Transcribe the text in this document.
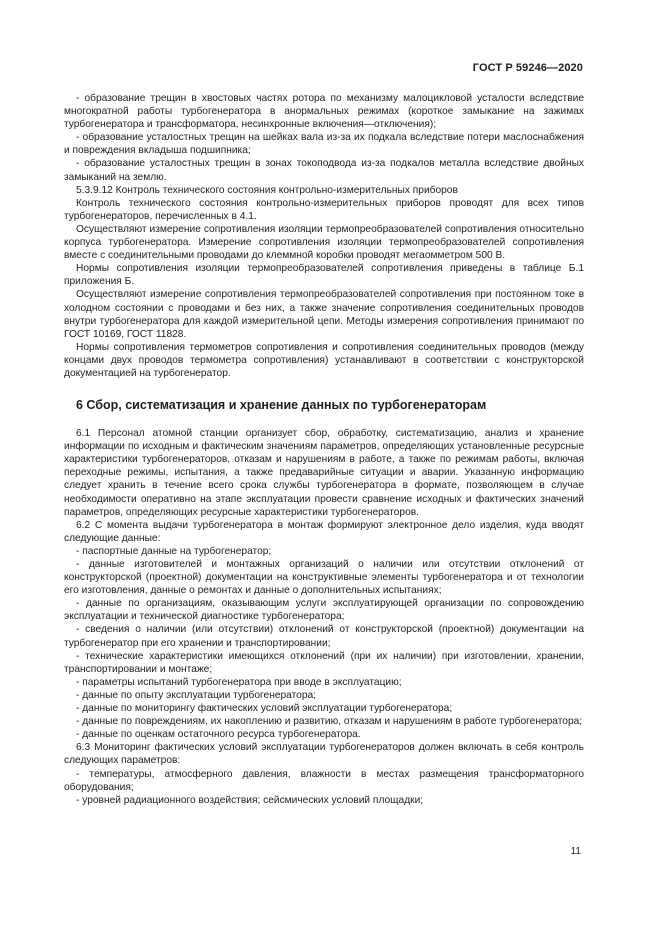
ГОСТ Р 59246—2020

- образование трещин в хвостовых частях ротора по механизму малоцикловой усталости вследствие многократной работы турбогенератора в анормальных режимах (короткое замыкание на зажимах турбогенератора и трансформатора, несинхронные включения—отключения);

- образование усталостных трещин на шейках вала из-за их подкала вследствие потери маслоснабжения и повреждения вкладыша подшипника;

- образование усталостных трещин в зонах токоподвода из-за подкалов металла вследствие двойных замыканий на землю.

5.3.9.12 Контроль технического состояния контрольно-измерительных приборов

Контроль технического состояния контрольно-измерительных приборов проводят для всех типов турбогенераторов, перечисленных в 4.1.

Осуществляют измерение сопротивления изоляции термопреобразователей сопротивления относительно корпуса турбогенератора. Измерение сопротивления изоляции термопреобразователей сопротивления вместе с соединительными проводами до клеммной коробки проводят мегаомметром 500 В.

Нормы сопротивления изоляции термопреобразователей сопротивления приведены в таблице Б.1 приложения Б.

Осуществляют измерение сопротивления термопреобразователей сопротивления при постоянном токе в холодном состоянии с проводами и без них, а также значение сопротивления соединительных проводов внутри турбогенератора для каждой измерительной цепи. Методы измерения сопротивления принимают по ГОСТ 10169, ГОСТ 11828.

Нормы сопротивления термометров сопротивления и сопротивления соединительных проводов (между концами двух проводов термометра сопротивления) устанавливают в соответствии с конструкторской документацией на турбогенератор.

6 Сбор, систематизация и хранение данных по турбогенераторам

6.1 Персонал атомной станции организует сбор, обработку, систематизацию, анализ и хранение информации по исходным и фактическим значениям параметров, определяющих установленные ресурсные характеристики турбогенераторов, отказам и нарушениям в работе, а также по режимам работы, включая переходные режимы, испытания, а также предаварийные ситуации и аварии. Указанную информацию следует хранить в течение всего срока службы турбогенератора в формате, позволяющем в случае необходимости оперативно на этапе эксплуатации провести сравнение исходных и фактических значений параметров, определяющих ресурсные характеристики турбогенераторов.

6.2 С момента выдачи турбогенератора в монтаж формируют электронное дело изделия, куда вводят следующие данные:

- паспортные данные на турбогенератор;

- данные изготовителей и монтажных организаций о наличии или отсутствии отклонений от конструкторской (проектной) документации на конструктивные элементы турбогенератора и от технологии его изготовления, данные о ремонтах и данные о дополнительных испытаниях;

- данные по организациям, оказывающим услуги эксплуатирующей организации по сопровождению эксплуатации и технической диагностике турбогенератора;

- сведения о наличии (или отсутствии) отклонений от конструкторской (проектной) документации на турбогенератор при его хранении и транспортировании;

- технические характеристики имеющихся отклонений (при их наличии) при изготовлении, хранении, транспортировании и монтаже;

- параметры испытаний турбогенератора при вводе в эксплуатацию;

- данные по опыту эксплуатации турбогенератора;

- данные по мониторингу фактических условий эксплуатации турбогенератора;

- данные по повреждениям, их накоплению и развитию, отказам и нарушениям в работе турбогенератора;

- данные по оценкам остаточного ресурса турбогенератора.

6.3 Мониторинг фактических условий эксплуатации турбогенераторов должен включать в себя контроль следующих параметров:

- температуры, атмосферного давления, влажности в местах размещения трансформаторного оборудования;

- уровней радиационного воздействия; сейсмических условий площадки;

11
